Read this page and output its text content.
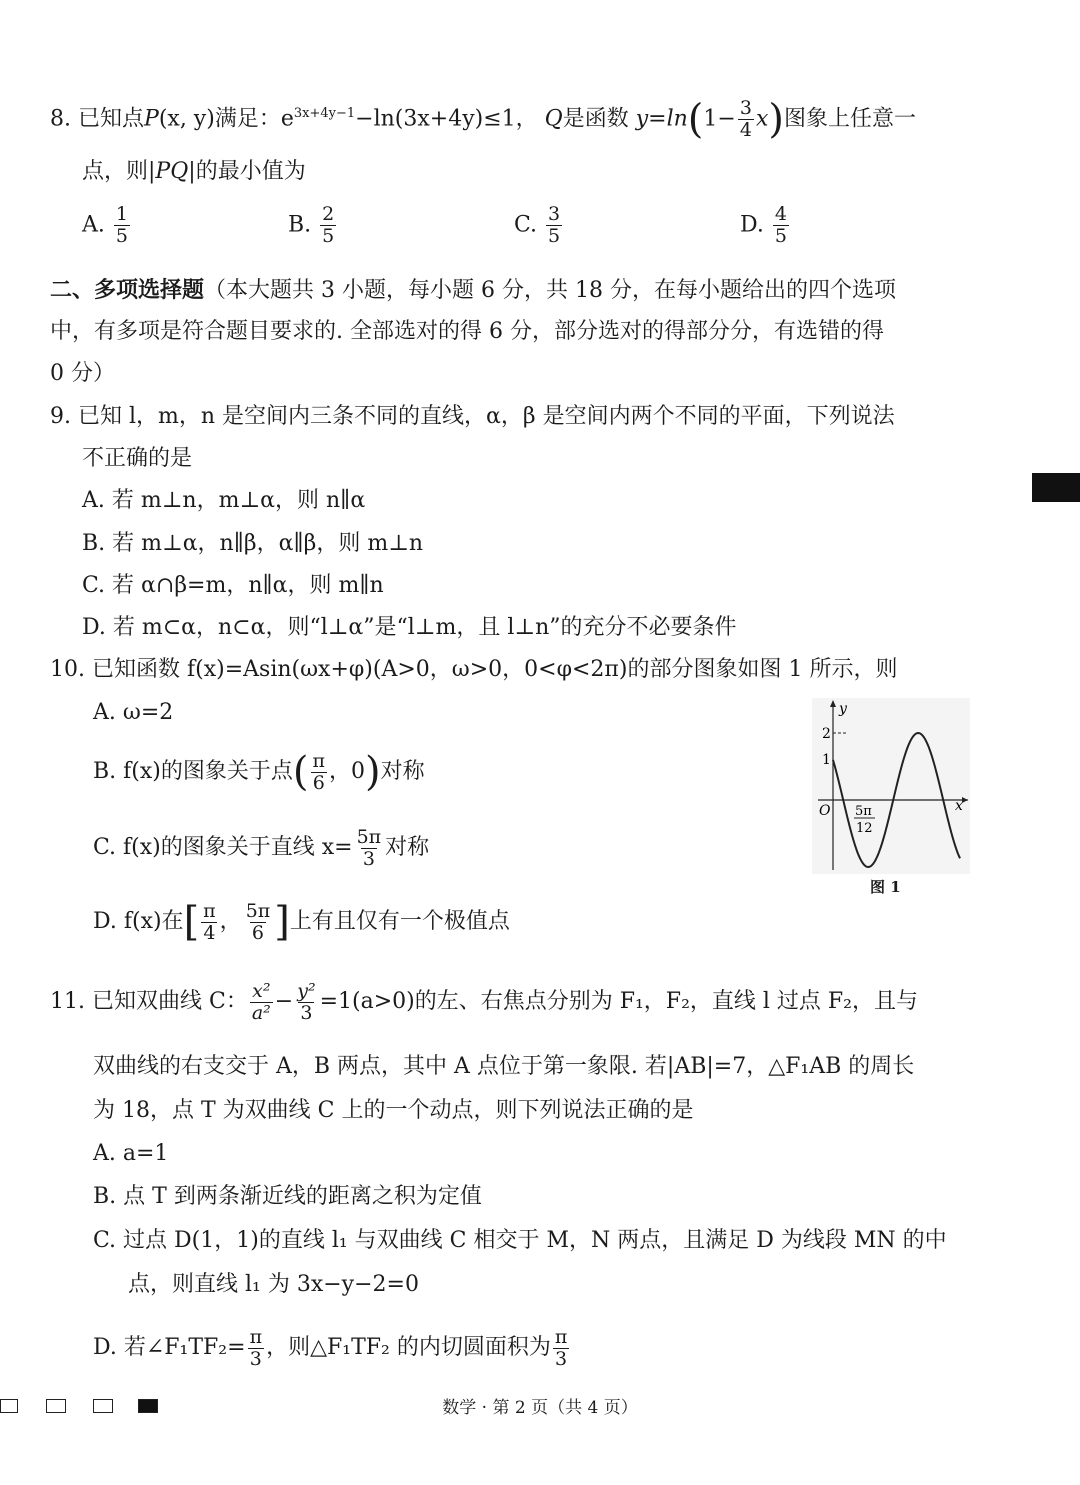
8. 已知点P(x, y)满足：$e^{3x+4y-1}-\ln(3x+4y)\le 1$， Q是函数 $y=\ln(1- \frac{3}{4} x)$图象上任意一
点，则|PQ|的最小值为
A. $\frac{1}{5}$	B. $\frac{2}{5}$	C. $\frac{3}{5}$	D. $\frac{4}{5}$
二、多项选择题（本大题共 3 小题，每小题 6 分，共 18 分，在每小题给出的四个选项
中，有多项是符合题目要求的. 全部选对的得 6 分，部分选对的得部分分，有选错的得
0 分）
9. 已知 l，m，n 是空间内三条不同的直线，α，β 是空间内两个不同的平面，下列说法
不正确的是
A. 若 m⊥n，m⊥α，则 n∥α
B. 若 m⊥α，n∥β，α∥β，则 m⊥n
C. 若 α∩β=m，n∥α，则 m∥n
D. 若 m⊂α，n⊂α，则“l⊥α”是“l⊥m，且 l⊥n”的充分不必要条件
10. 已知函数 f(x)=Asin(ωx+φ)(A>0，ω>0，0<φ<2π)的部分图象如图 1 所示，则
A. ω=2
B. f(x)的图象关于点( $\frac{\pi}{6}$ ，0)对称
C. f(x)的图象关于直线 $x= \frac{5\pi}{3}$ 对称
D. f(x)在[ $\frac{\pi}{4}$ ， $\frac{5\pi}{6}$ ]上有且仅有一个极值点
y
x
O
2
1
5π
12
图 1
11. 已知双曲线 C： $\frac{\text{x²}}{\text{a²}} - \frac{\text{y²}}{3} =1(a>0)$的左、右焦点分别为 F₁，F₂，直线 l 过点 F₂，且与
双曲线的右支交于 A，B 两点，其中 A 点位于第一象限. 若|AB|=7，△F₁AB 的周长
为 18，点 T 为双曲线 C 上的一个动点，则下列说法正确的是
A. a=1
B. 点 T 到两条渐近线的距离之积为定值
C. 过点 D(1，1)的直线 l₁ 与双曲线 C 相交于 M，N 两点，且满足 D 为线段 MN 的中
点，则直线 l₁ 为 3x−y−2=0
D. 若∠F₁TF₂= $\frac{\pi}{3}$ ，则△F₁TF₂ 的内切圆面积为 $\frac{\pi}{3}$
数学 · 第 2 页（共 4 页）
